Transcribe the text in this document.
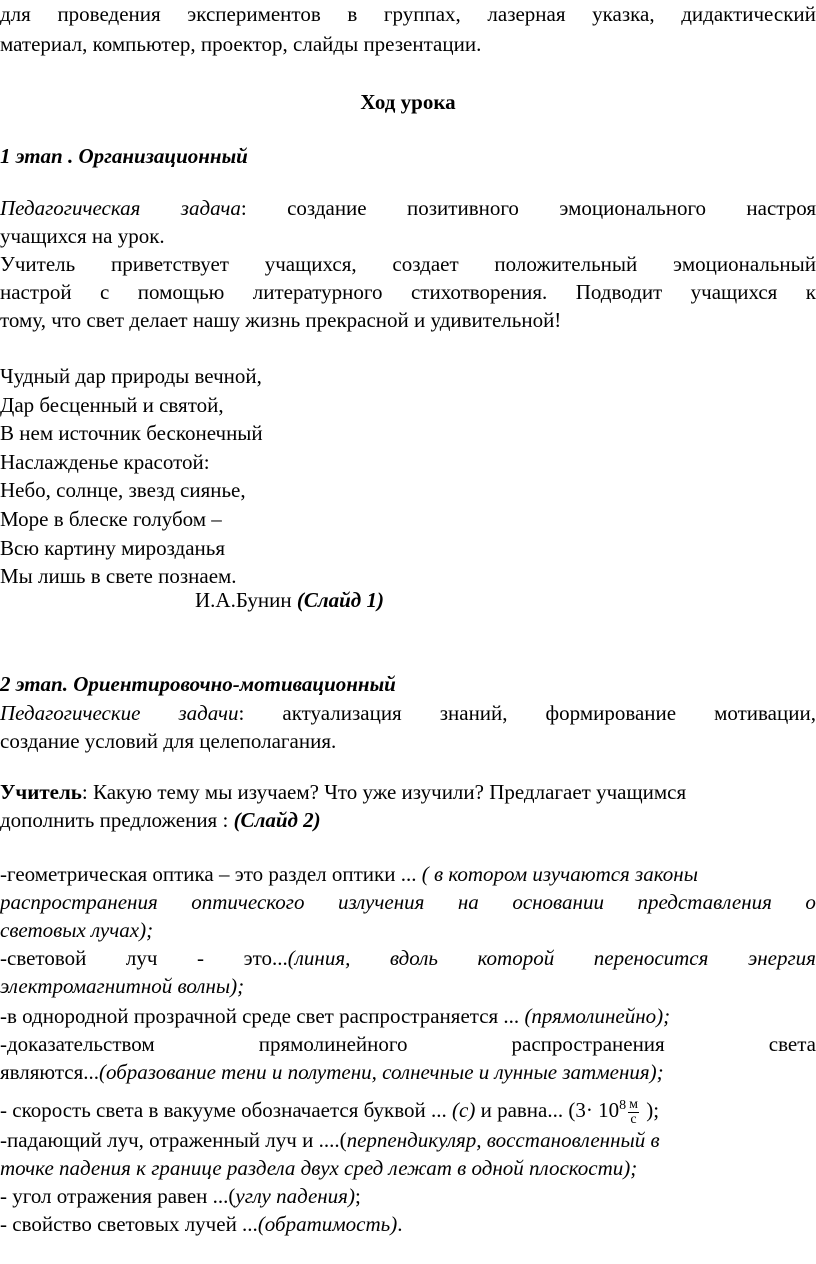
для проведения экспериментов в группах, лазерная указка, дидактический
материал, компьютер, проектор, слайды презентации.
Ход урока
1 этап . Организационный
Педагогическая задача: создание позитивного эмоционального настроя
учащихся на урок.
Учитель приветствует учащихся, создает положительный эмоциональный
настрой с помощью литературного стихотворения. Подводит учащихся к
тому, что свет делает нашу жизнь прекрасной и удивительной!
Чудный дар природы вечной,
Дар бесценный и святой,
В нем источник бесконечный
Наслажденье красотой:
Небо, солнце, звезд сиянье,
Море в блеске голубом –
Всю картину мирозданья
Мы лишь в свете познаем.
И.А.Бунин (Слайд 1)
2 этап. Ориентировочно-мотивационный
Педагогические задачи: актуализация знаний, формирование мотивации,
создание условий для целеполагания.
Учитель: Какую тему мы изучаем? Что уже изучили? Предлагает учащимся
дополнить предложения : (Слайд 2)
-геометрическая оптика – это раздел оптики ... ( в котором изучаются законы
распространения оптического излучения на основании представления о
световых лучах);
-световой луч - это...(линия, вдоль которой переносится энергия
электромагнитной волны);
-в однородной прозрачной среде свет распространяется ... (прямолинейно);
-доказательством	прямолинейного	распространения	света
являются...(образование тени и полутени, солнечные и лунные затмения);
- скорость света в вакууме обозначается буквой ... (с) и равна... ($3\cdot 10^8 \frac{м}{с}$ );
-падающий луч, отраженный луч и ....(перпендикуляр, восстановленный в
точке падения к границе раздела двух сред лежат в одной плоскости);
- угол отражения равен ...(углу падения);
- свойство световых лучей ...(обратимость).
